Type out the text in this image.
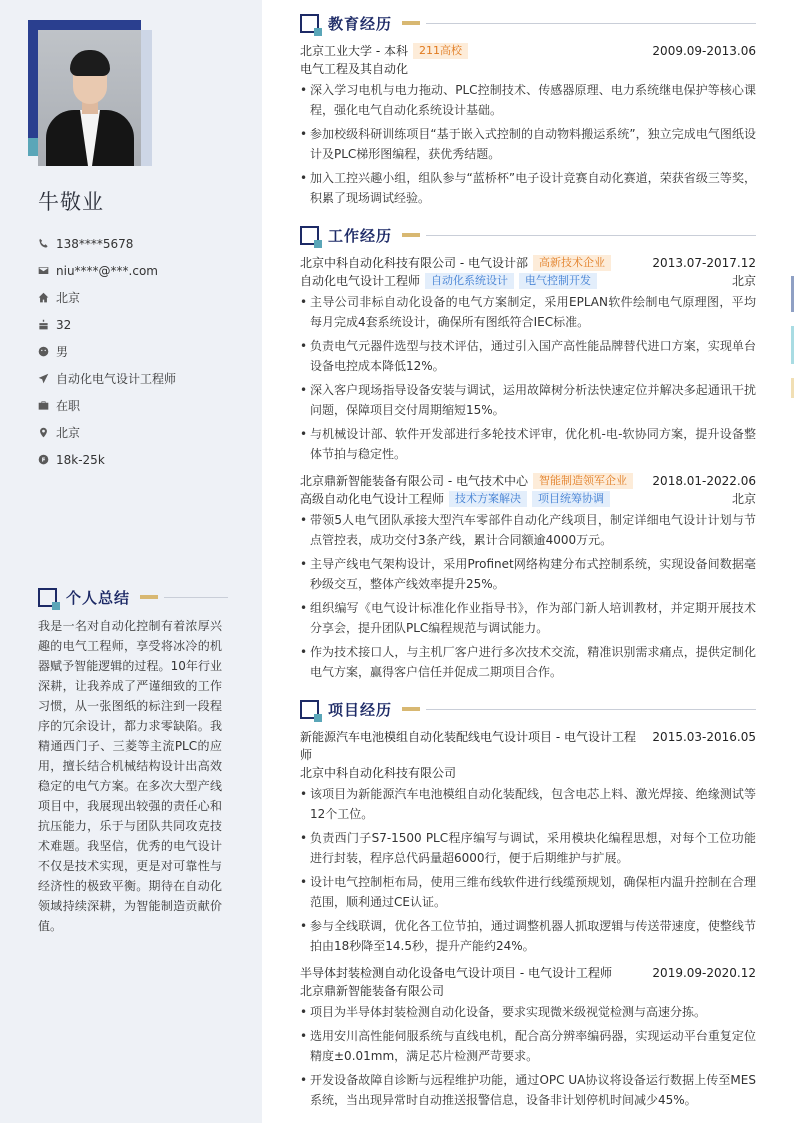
牛敬业
138****5678
niu****@***.com
北京
32
男
自动化电气设计工程师
在职
北京
18k-25k
个人总结
我是一名对自动化控制有着浓厚兴趣的电气工程师，享受将冰冷的机器赋予智能逻辑的过程。10年行业深耕，让我养成了严谨细致的工作习惯，从一张图纸的标注到一段程序的冗余设计，都力求零缺陷。我精通西门子、三菱等主流PLC的应用，擅长结合机械结构设计出高效稳定的电气方案。在多次大型产线项目中，我展现出较强的责任心和抗压能力，乐于与团队共同攻克技术难题。我坚信，优秀的电气设计不仅是技术实现，更是对可靠性与经济性的极致平衡。期待在自动化领域持续深耕，为智能制造贡献价值。
教育经历
北京工业大学 - 本科	211高校	2009.09-2013.06
电气工程及其自动化
• 深入学习电机与电力拖动、PLC控制技术、传感器原理、电力系统继电保护等核心课程，强化电气自动化系统设计基础。
• 参加校级科研训练项目“基于嵌入式控制的自动物料搬运系统”，独立完成电气图纸设计及PLC梯形图编程，获优秀结题。
• 加入工控兴趣小组，组队参与“蓝桥杯”电子设计竞赛自动化赛道，荣获省级三等奖，积累了现场调试经验。
工作经历
北京中科自动化科技有限公司 - 电气设计部	高新技术企业	2013.07-2017.12
自动化电气设计工程师	自动化系统设计	电气控制开发	北京
• 主导公司非标自动化设备的电气方案制定，采用EPLAN软件绘制电气原理图，平均每月完成4套系统设计，确保所有图纸符合IEC标准。
• 负责电气元器件选型与技术评估，通过引入国产高性能品牌替代进口方案，实现单台设备电控成本降低12%。
• 深入客户现场指导设备安装与调试，运用故障树分析法快速定位并解决多起通讯干扰问题，保障项目交付周期缩短15%。
• 与机械设计部、软件开发部进行多轮技术评审，优化机-电-软协同方案，提升设备整体节拍与稳定性。
北京鼎新智能装备有限公司 - 电气技术中心	智能制造领军企业	2018.01-2022.06
高级自动化电气设计工程师	技术方案解决	项目统筹协调	北京
• 带领5人电气团队承接大型汽车零部件自动化产线项目，制定详细电气设计计划与节点管控表，成功交付3条产线，累计合同额逾4000万元。
• 主导产线电气架构设计，采用Profinet网络构建分布式控制系统，实现设备间数据毫秒级交互，整体产线效率提升25%。
• 组织编写《电气设计标准化作业指导书》，作为部门新人培训教材，并定期开展技术分享会，提升团队PLC编程规范与调试能力。
• 作为技术接口人，与主机厂客户进行多次技术交流，精准识别需求痛点，提供定制化电气方案，赢得客户信任并促成二期项目合作。
项目经历
新能源汽车电池模组自动化装配线电气设计项目 - 电气设计工程师
2015.03-2016.05
北京中科自动化科技有限公司
• 该项目为新能源汽车电池模组自动化装配线，包含电芯上料、激光焊接、绝缘测试等12个工位。
• 负责西门子S7-1500 PLC程序编写与调试，采用模块化编程思想，对每个工位功能进行封装，程序总代码量超6000行，便于后期维护与扩展。
• 设计电气控制柜布局，使用三维布线软件进行线缆预规划，确保柜内温升控制在合理范围，顺利通过CE认证。
• 参与全线联调，优化各工位节拍，通过调整机器人抓取逻辑与传送带速度，使整线节拍由18秒降至14.5秒，提升产能约24%。
半导体封装检测自动化设备电气设计项目 - 电气设计工程师	2019.09-2020.12
北京鼎新智能装备有限公司
• 项目为半导体封装检测自动化设备，要求实现微米级视觉检测与高速分拣。
• 选用安川高性能伺服系统与直线电机，配合高分辨率编码器，实现运动平台重复定位精度±0.01mm，满足芯片检测严苛要求。
• 开发设备故障自诊断与远程维护功能，通过OPC UA协议将设备运行数据上传至MES系统，当出现异常时自动推送报警信息，设备非计划停机时间减少45%。
